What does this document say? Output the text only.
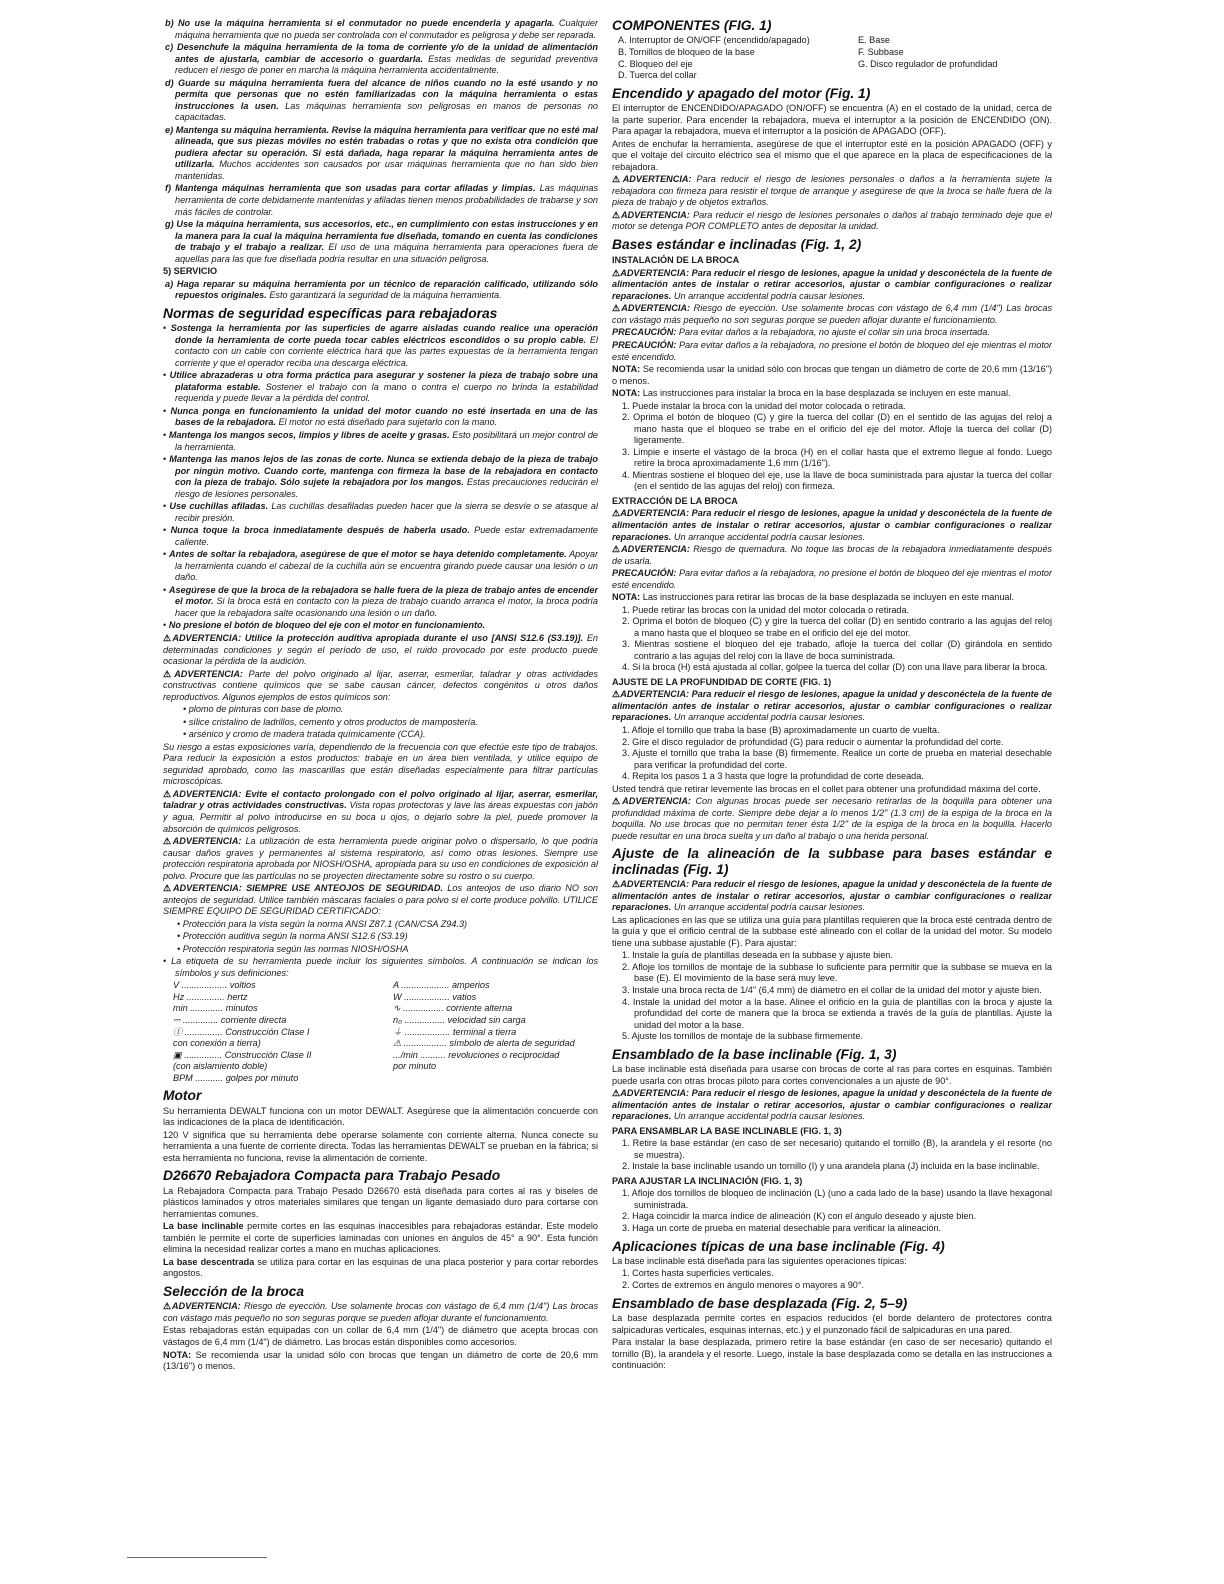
b) No use la máquina herramienta si el conmutador no puede encenderla y apagarla. Cualquier máquina herramienta que no pueda ser controlada con el conmutador es peligrosa y debe ser reparada.

c) Desenchufe la máquina herramienta de la toma de corriente y/o de la unidad de alimentación antes de ajustarla, cambiar de accesorio o guardarla. Estas medidas de seguridad preventiva reducen el riesgo de poner en marcha la máquina herramienta accidentalmente.

d) Guarde su máquina herramienta fuera del alcance de niños cuando no la esté usando y no permita que personas que no estén familiarizadas con la máquina herramienta o estas instrucciones la usen. Las máquinas herramienta son peligrosas en manos de personas no capacitadas.

e) Mantenga su máquina herramienta. Revise la máquina herramienta para verificar que no esté mal alineada, que sus piezas móviles no estén trabadas o rotas y que no exista otra condición que pudiera afectar su operación. Si está dañada, haga reparar la máquina herramienta antes de utilizarla. Muchos accidentes son causados por usar máquinas herramienta que no han sido bien mantenidas.

f) Mantenga máquinas herramienta que son usadas para cortar afiladas y limpias. Las máquinas herramienta de corte debidamente mantenidas y afiladas tienen menos probabilidades de trabarse y son más fáciles de controlar.

g) Use la máquina herramienta, sus accesorios, etc., en cumplimiento con estas instrucciones y en la manera para la cual la máquina herramienta fue diseñada, tomando en cuenta las condiciones de trabajo y el trabajo a realizar. El uso de una máquina herramienta para operaciones fuera de aquellas para las que fue diseñada podría resultar en una situación peligrosa.

5) SERVICIO

a) Haga reparar su máquina herramienta por un técnico de reparación calificado, utilizando sólo repuestos originales. Esto garantizará la seguridad de la máquina herramienta.

Normas de seguridad específicas para rebajadoras

• Sostenga la herramienta por las superficies de agarre aisladas cuando realice una operación donde la herramienta de corte pueda tocar cables eléctricos escondidos o su propio cable. El contacto con un cable con corriente eléctrica hará que las partes expuestas de la herramienta tengan corriente y que el operador reciba una descarga eléctrica.

• Utilice abrazaderas u otra forma práctica para asegurar y sostener la pieza de trabajo sobre una plataforma estable. Sostener el trabajo con la mano o contra el cuerpo no brinda la estabilidad requerida y puede llevar a la pérdida del control.

• Nunca ponga en funcionamiento la unidad del motor cuando no esté insertada en una de las bases de la rebajadora. El motor no está diseñado para sujetarlo con la mano.

• Mantenga los mangos secos, limpios y libres de aceite y grasas. Esto posibilitará un mejor control de la herramienta.

• Mantenga las manos lejos de las zonas de corte. Nunca se extienda debajo de la pieza de trabajo por ningún motivo. Cuando corte, mantenga con firmeza la base de la rebajadora en contacto con la pieza de trabajo. Sólo sujete la rebajadora por los mangos. Estas precauciones reducirán el riesgo de lesiones personales.

• Use cuchillas afiladas. Las cuchillas desafiladas pueden hacer que la sierra se desvíe o se atasque al recibir presión.

• Nunca toque la broca inmediatamente después de haberla usado. Puede estar extremadamente caliente.

• Antes de soltar la rebajadora, asegúrese de que el motor se haya detenido completamente. Apoyar la herramienta cuando el cabezal de la cuchilla aún se encuentra girando puede causar una lesión o un daño.

• Asegúrese de que la broca de la rebajadora se halle fuera de la pieza de trabajo antes de encender el motor. Si la broca está en contacto con la pieza de trabajo cuando arranca el motor, la broca podría hacer que la rebajadora salte ocasionando una lesión o un daño.

• No presione el botón de bloqueo del eje con el motor en funcionamiento.

⚠ADVERTENCIA: Utilice la protección auditiva apropiada durante el uso [ANSI S12.6 (S3.19)]. En determinadas condiciones y según el período de uso, el ruido provocado por este producto puede ocasionar la pérdida de la audición.

⚠ADVERTENCIA: Parte del polvo originado al lijar, aserrar, esmerilar, taladrar y otras actividades constructivas contiene químicos que se sabe causan cáncer, defectos congénitos u otros daños reproductivos. Algunos ejemplos de estos químicos son:

• plomo de pinturas con base de plomo.

• sílice cristalino de ladrillos, cemento y otros productos de mampostería.

• arsénico y cromo de madera tratada químicamente (CCA).

Su riesgo a estas exposiciones varía, dependiendo de la frecuencia con que efectúe este tipo de trabajos. Para reducir la exposición a estos productos: trabaje en un área bien ventilada, y utilice equipo de seguridad aprobado, como las mascarillas que están diseñadas especialmente para filtrar partículas microscópicas.

⚠ADVERTENCIA: Evite el contacto prolongado con el polvo originado al lijar, aserrar, esmerilar, taladrar y otras actividades constructivas. Vista ropas protectoras y lave las áreas expuestas con jabón y agua. Permitir al polvo introducirse en su boca u ojos, o dejarlo sobre la piel, puede promover la absorción de químicos peligrosos.

⚠ADVERTENCIA: La utilización de esta herramienta puede originar polvo o dispersarlo, lo que podría causar daños graves y permanentes al sistema respiratorio, así como otras lesiones. Siempre use protección respiratoria aprobada por NIOSH/OSHA, apropiada para su uso en condiciones de exposición al polvo. Procure que las partículas no se proyecten directamente sobre su rostro o su cuerpo.

⚠ADVERTENCIA: SIEMPRE USE ANTEOJOS DE SEGURIDAD. Los anteojos de uso diario NO son anteojos de seguridad. Utilice también máscaras faciales o para polvo si el corte produce polvillo. UTILICE SIEMPRE EQUIPO DE SEGURIDAD CERTIFICADO:

• Protección para la vista según la norma ANSI Z87.1 (CAN/CSA Z94.3)

• Protección auditiva según la norma ANSI S12.6 (S3.19)

• Protección respiratoria según las normas NIOSH/OSHA

• La etiqueta de su herramienta puede incluir los siguientes símbolos. A continuación se indican los símbolos y sus definiciones:

V .................. voltios	A ................... amperios
Hz ............... hertz	W .................. vatios
min ............. minutos	∿ ................ corriente alterna
⎓ .............. corriente directa	n₀ ................ velocidad sin carga
Ⓘ ............... Construcción Clase I	⏚ .................. terminal a tierra
con conexión a tierra)	⚠ ................. símbolo de alerta de seguridad
▣ ............... Construcción Clase II	.../min .......... revoluciones o reciprocidad
(con aislamiento doble)	por minuto
BPM ........... golpes por minuto
Motor

Su herramienta DEWALT funciona con un motor DEWALT. Asegúrese que la alimentación concuerde con las indicaciones de la placa de identificación.

120 V significa que su herramienta debe operarse solamente con corriente alterna. Nunca conecte su herramienta a una fuente de corriente directa. Todas las herramientas DEWALT se prueban en la fábrica; si esta herramienta no funciona, revise la alimentación de corriente.

D26670 Rebajadora Compacta para Trabajo Pesado

La Rebajadora Compacta para Trabajo Pesado D26670 está diseñada para cortes al ras y biseles de plásticos laminados y otros materiales similares que tengan un ligante demasiado duro para cortarse con herramientas comunes.

La base inclinable permite cortes en las esquinas inaccesibles para rebajadoras estándar. Este modelo también le permite el corte de superficies laminadas con uniones en ángulos de 45° a 90°. Esta función elimina la necesidad realizar cortes a mano en muchas aplicaciones.

La base descentrada se utiliza para cortar en las esquinas de una placa posterior y para cortar rebordes angostos.

Selección de la broca

⚠ADVERTENCIA: Riesgo de eyección. Use solamente brocas con vástago de 6,4 mm (1/4") Las brocas con vástago más pequeño no son seguras porque se pueden aflojar durante el funcionamiento.

Estas rebajadoras están equipadas con un collar de 6,4 mm (1/4") de diámetro que acepta brocas con vástagos de 6,4 mm (1/4") de diámetro. Las brocas están disponibles como accesorios.

NOTA: Se recomienda usar la unidad sólo con brocas que tengan un diámetro de corte de 20,6 mm (13/16") o menos.

COMPONENTES (FIG. 1)
A. Interruptor de ON/OFF (encendido/apagado)	E. Base
B. Tornillos de bloqueo de la base	F. Subbase
C. Bloqueo del eje	G. Disco regulador de profundidad
D. Tuerca del collar
Encendido y apagado del motor (Fig. 1)

El interruptor de ENCENDIDO/APAGADO (ON/OFF) se encuentra (A) en el costado de la unidad, cerca de la parte superior. Para encender la rebajadora, mueva el interruptor a la posición de ENCENDIDO (ON). Para apagar la rebajadora, mueva el interruptor a la posición de APAGADO (OFF).

Antes de enchufar la herramienta, asegúrese de que el interruptor esté en la posición APAGADO (OFF) y que el voltaje del circuito eléctrico sea el mismo que el que aparece en la placa de especificaciones de la rebajadora.

⚠ADVERTENCIA: Para reducir el riesgo de lesiones personales o daños a la herramienta sujete la rebajadora con firmeza para resistir el torque de arranque y asegúrese de que la broca se halle fuera de la pieza de trabajo y de objetos extraños.

⚠ADVERTENCIA: Para reducir el riesgo de lesiones personales o daños al trabajo terminado deje que el motor se detenga POR COMPLETO antes de depositar la unidad.

Bases estándar e inclinadas (Fig. 1, 2)
INSTALACIÓN DE LA BROCA

⚠ADVERTENCIA: Para reducir el riesgo de lesiones, apague la unidad y desconéctela de la fuente de alimentación antes de instalar o retirar accesorios, ajustar o cambiar configuraciones o realizar reparaciones. Un arranque accidental podría causar lesiones.

⚠ADVERTENCIA: Riesgo de eyección. Use solamente brocas con vástago de 6,4 mm (1/4") Las brocas con vástago más pequeño no son seguras porque se pueden aflojar durante el funcionamiento.

PRECAUCIÓN: Para evitar daños a la rebajadora, no ajuste el collar sin una broca insertada.

PRECAUCIÓN: Para evitar daños a la rebajadora, no presione el botón de bloqueo del eje mientras el motor esté encendido.

NOTA: Se recomienda usar la unidad sólo con brocas que tengan un diámetro de corte de 20,6 mm (13/16") o menos.

NOTA: Las instrucciones para instalar la broca en la base desplazada se incluyen en este manual.

1. Puede instalar la broca con la unidad del motor colocada o retirada.
2. Oprima el botón de bloqueo (C) y gire la tuerca del collar (D) en el sentido de las agujas del reloj a mano hasta que el bloqueo se trabe en el orificio del eje del motor. Afloje la tuerca del collar (D) ligeramente.
3. Limpie e inserte el vástago de la broca (H) en el collar hasta que el extremo llegue al fondo. Luego retire la broca aproximadamente 1,6 mm (1/16").
4. Mientras sostiene el bloqueo del eje, use la llave de boca suministrada para ajustar la tuerca del collar (en el sentido de las agujas del reloj) con firmeza.
EXTRACCIÓN DE LA BROCA

⚠ADVERTENCIA: Para reducir el riesgo de lesiones, apague la unidad y desconéctela de la fuente de alimentación antes de instalar o retirar accesorios, ajustar o cambiar configuraciones o realizar reparaciones. Un arranque accidental podría causar lesiones.

⚠ADVERTENCIA: Riesgo de quemadura. No toque las brocas de la rebajadora inmediatamente después de usarla.

PRECAUCIÓN: Para evitar daños a la rebajadora, no presione el botón de bloqueo del eje mientras el motor esté encendido.

NOTA: Las instrucciones para retirar las brocas de la base desplazada se incluyen en este manual.

1. Puede retirar las brocas con la unidad del motor colocada o retirada.
2. Oprima el botón de bloqueo (C) y gire la tuerca del collar (D) en sentido contrario a las agujas del reloj a mano hasta que el bloqueo se trabe en el orificio del eje del motor.
3. Mientras sostiene el bloqueo del eje trabado, afloje la tuerca del collar (D) girándola en sentido contrario a las agujas del reloj con la llave de boca suministrada.
4. Si la broca (H) está ajustada al collar, golpee la tuerca del collar (D) con una llave para liberar la broca.
AJUSTE DE LA PROFUNDIDAD DE CORTE (FIG. 1)

⚠ADVERTENCIA: Para reducir el riesgo de lesiones, apague la unidad y desconéctela de la fuente de alimentación antes de instalar o retirar accesorios, ajustar o cambiar configuraciones o realizar reparaciones. Un arranque accidental podría causar lesiones.

1. Afloje el tornillo que traba la base (B) aproximadamente un cuarto de vuelta.
2. Gire el disco regulador de profundidad (G) para reducir o aumentar la profundidad del corte.
3. Ajuste el tornillo que traba la base (B) firmemente. Realice un corte de prueba en material desechable para verificar la profundidad del corte.
4. Repita los pasos 1 a 3 hasta que logre la profundidad de corte deseada.

Usted tendrá que retirar levemente las brocas en el collet para obtener una profundidad máxima del corte.

⚠ADVERTENCIA: Con algunas brocas puede ser necesario retirarlas de la boquilla para obtener una profundidad máxima de corte. Siempre debe dejar a lo menos 1/2" (1.3 cm) de la espiga de la broca en la boquilla. No use brocas que no permitan tener ésta 1/2" de la espiga de la broca en la boquilla. Hacerlo puede resultar en una broca suelta y un daño al trabajo o una herida personal.

Ajuste de la alineación de la subbase para bases estándar e inclinadas (Fig. 1)

⚠ADVERTENCIA: Para reducir el riesgo de lesiones, apague la unidad y desconéctela de la fuente de alimentación antes de instalar o retirar accesorios, ajustar o cambiar configuraciones o realizar reparaciones. Un arranque accidental podría causar lesiones.

Las aplicaciones en las que se utiliza una guía para plantillas requieren que la broca esté centrada dentro de la guía y que el orificio central de la subbase esté alineado con el collar de la unidad del motor. Su modelo tiene una subbase ajustable (F). Para ajustar:

1. Instale la guía de plantillas deseada en la subbase y ajuste bien.
2. Afloje los tornillos de montaje de la subbase lo suficiente para permitir que la subbase se mueva en la base (E). El movimiento de la base será muy leve.
3. Instale una broca recta de 1/4" (6,4 mm) de diámetro en el collar de la unidad del motor y ajuste bien.
4. Instale la unidad del motor a la base. Alinee el orificio en la guía de plantillas con la broca y ajuste la profundidad del corte de manera que la broca se extienda a través de la guía de plantillas. Ajuste la unidad del motor a la base.
5. Ajuste los tornillos de montaje de la subbase firmemente.
Ensamblado de la base inclinable (Fig. 1, 3)

La base inclinable está diseñada para usarse con brocas de corte al ras para cortes en esquinas. También puede usarla con otras brocas piloto para cortes convencionales a un ajuste de 90°.

⚠ADVERTENCIA: Para reducir el riesgo de lesiones, apague la unidad y desconéctela de la fuente de alimentación antes de instalar o retirar accesorios, ajustar o cambiar configuraciones o realizar reparaciones. Un arranque accidental podría causar lesiones.

PARA ENSAMBLAR LA BASE INCLINABLE (FIG. 1, 3)
1. Retire la base estándar (en caso de ser necesario) quitando el tornillo (B), la arandela y el resorte (no se muestra).
2. Instale la base inclinable usando un tornillo (I) y una arandela plana (J) incluida en la base inclinable.
PARA AJUSTAR LA INCLINACIÓN (FIG. 1, 3)
1. Afloje dos tornillos de bloqueo de inclinación (L) (uno a cada lado de la base) usando la llave hexagonal suministrada.
2. Haga coincidir la marca índice de alineación (K) con el ángulo deseado y ajuste bien.
3. Haga un corte de prueba en material desechable para verificar la alineación.
Aplicaciones típicas de una base inclinable (Fig. 4)

La base inclinable está diseñada para las siguientes operaciones típicas:

1. Cortes hasta superficies verticales.
2. Cortes de extremos en ángulo menores o mayores a 90°.
Ensamblado de base desplazada (Fig. 2, 5–9)

La base desplazada permite cortes en espacios reducidos (el borde delantero de protectores contra salpicaduras verticales, esquinas internas, etc.) y el punzonado fácil de salpicaduras en una pared.

Para instalar la base desplazada, primero retire la base estándar (en caso de ser necesario) quitando el tornillo (B), la arandela y el resorte. Luego, instale la base desplazada como se detalla en las instrucciones a continuación:
